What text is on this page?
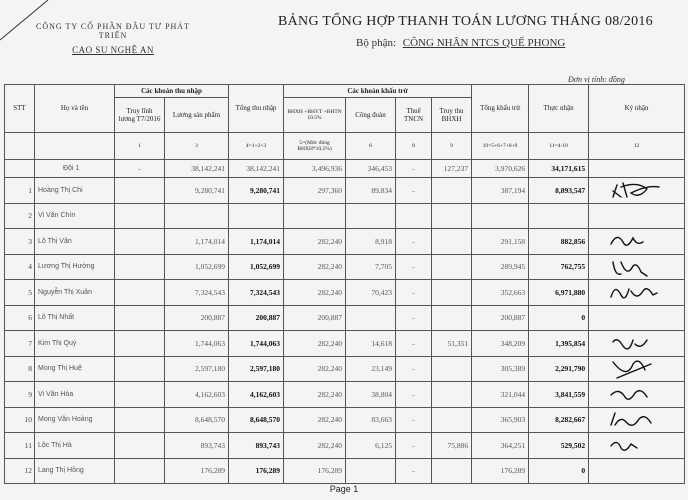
CÔNG TY CỔ PHẦN ĐẦU TƯ PHÁT TRIỂN
CAO SU NGHỆ AN
BẢNG TỔNG HỢP THANH TOÁN LƯƠNG THÁNG 08/2016
Bộ phận: CÔNG NHÂN NTCS QUẾ PHONG
Đơn vị tính: đồng
STT	Họ và tên	Các khoản thu nhập		Tổng thu nhập	Các khoản khấu trừ				Tổng khấu trừ	Thực nhận	Ký nhận
		Truy lĩnh lương T7/2016	Lương sản phẩm		BHXH +BHYT +BHTN 10.5%	Công đoàn	Thuế TNCN	Truy thu BHXH			
		1	3	4=1+2+3	5=(Mức đóng BHXH*10,5%)	6	8	9	10=5+6+7+8+9	11=4-10	12
	Đội 1	-	38,142,241	38,142,241	3,496,936	346,453	-	127,237	3,970,626	34,171,615	
1	Hoàng Thị Chi		9,280,741	9,280,741	297,360	89,834	-		387,194	8,893,547	

2	Vi Văn Chín										
3	Lô Thị Vân		1,174,014	1,174,014	282,240	8,918	-		291,158	882,856	

4	Lương Thị Hường		1,052,699	1,052,699	282,240	7,705	-		289,945	762,755	

5	Nguyễn Thị Xuân		7,324,543	7,324,543	282,240	70,423	-		352,663	6,971,880	

6	Lô Thị Nhất		200,887	200,887	200,887		-		200,887	0	
7	Kim Thị Quý		1,744,063	1,744,063	282,240	14,618	-	51,351	348,209	1,395,854	

8	Mong Thị Huệ		2,597,180	2,597,180	282,240	23,149	-		305,389	2,291,790	

9	Vi Văn Hòa		4,162,603	4,162,603	282,240	38,804	-		321,044	3,841,559	

10	Mong Văn Hoàng		8,648,570	8,648,570	282,240	83,663	-		365,903	8,282,667	

11	Lộc Thị Hà		893,743	893,743	282,240	6,125	-	75,886	364,251	529,502	

12	Lang Thị Hồng		176,289	176,289	176,289		-		176,289	0	
Page 1
